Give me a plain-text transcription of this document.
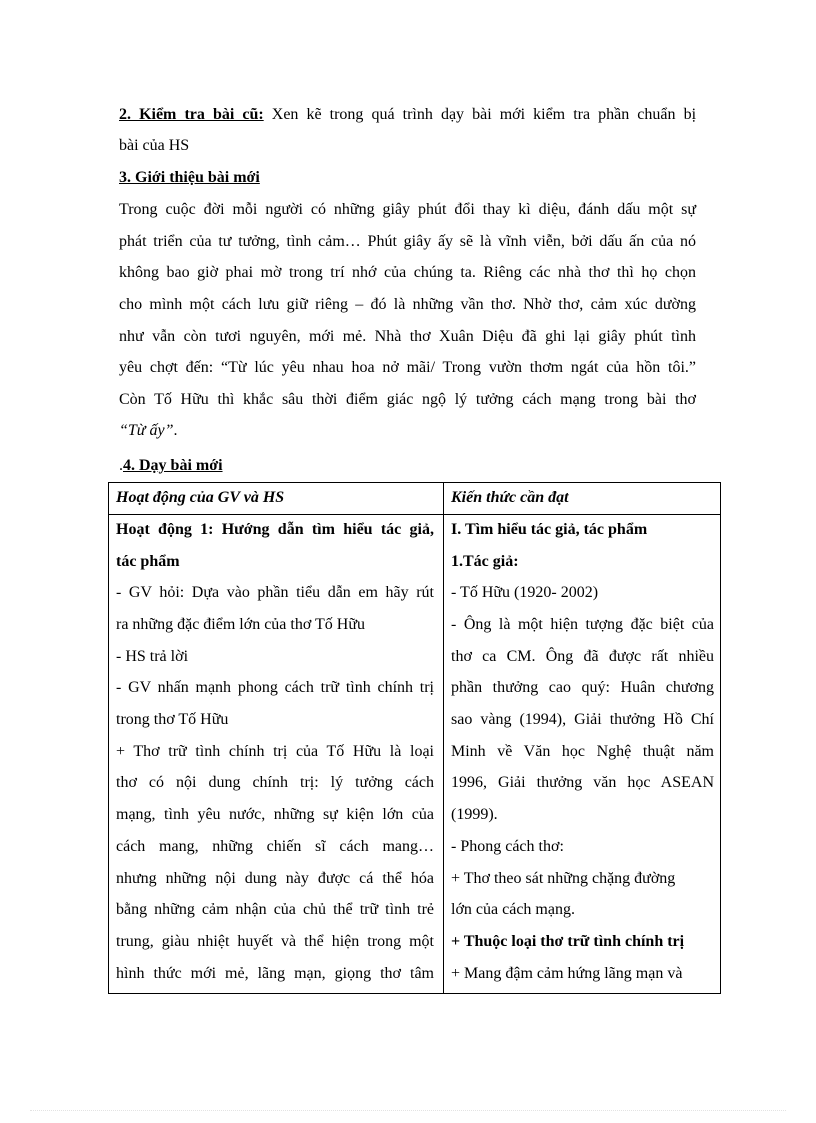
2. Kiểm tra bài cũ: Xen kẽ trong quá trình dạy bài mới kiểm tra phần chuẩn bị
bài của HS
3. Giới thiệu bài mới
Trong cuộc đời mỗi người có những giây phút đổi thay kì diệu, đánh dấu một sự
phát triển của tư tưởng, tình cảm… Phút giây ấy sẽ là vĩnh viễn, bởi dấu ấn của nó
không bao giờ phai mờ trong trí nhớ của chúng ta. Riêng các nhà thơ thì họ chọn
cho mình một cách lưu giữ riêng – đó là những vần thơ. Nhờ thơ, cảm xúc dường
như vẫn còn tươi nguyên, mới mẻ. Nhà thơ Xuân Diệu đã ghi lại giây phút tình
yêu chợt đến: “Từ lúc yêu nhau hoa nở mãi/ Trong vườn thơm ngát của hồn tôi.”
Còn Tố Hữu thì khắc sâu thời điểm giác ngộ lý tưởng cách mạng trong bài thơ
“Từ ấy”.
.4. Dạy bài mới
Hoạt động của GV và HS	Kiến thức cần đạt
Hoạt động 1: Hướng dẫn tìm hiểu tác giả,
tác phẩm
- GV hỏi: Dựa vào phần tiểu dẫn em hãy rút
ra những đặc điểm lớn của thơ Tố Hữu
- HS trả lời
- GV nhấn mạnh phong cách trữ tình chính trị
trong thơ Tố Hữu
+ Thơ trữ tình chính trị của Tố Hữu là loại
thơ có nội dung chính trị: lý tưởng cách
mạng, tình yêu nước, những sự kiện lớn của
cách mang, những chiến sĩ cách mang…
nhưng những nội dung này được cá thể hóa
bằng những cảm nhận của chủ thể trữ tình trẻ
trung, giàu nhiệt huyết và thể hiện trong một
hình thức mới mẻ, lãng mạn, giọng thơ tâm
I. Tìm hiểu tác giả, tác phẩm
1.Tác giả:
- Tố Hữu (1920- 2002)
- Ông là một hiện tượng đặc biệt của
thơ ca CM. Ông đã được rất nhiều
phần thưởng cao quý: Huân chương
sao vàng (1994), Giải thưởng Hồ Chí
Minh về Văn học Nghệ thuật năm
1996, Giải thưởng văn học ASEAN
(1999).
- Phong cách thơ:
+ Thơ theo sát những chặng đường
lớn của cách mạng.
+ Thuộc loại thơ trữ tình chính trị
+ Mang đậm cảm hứng lãng mạn và
